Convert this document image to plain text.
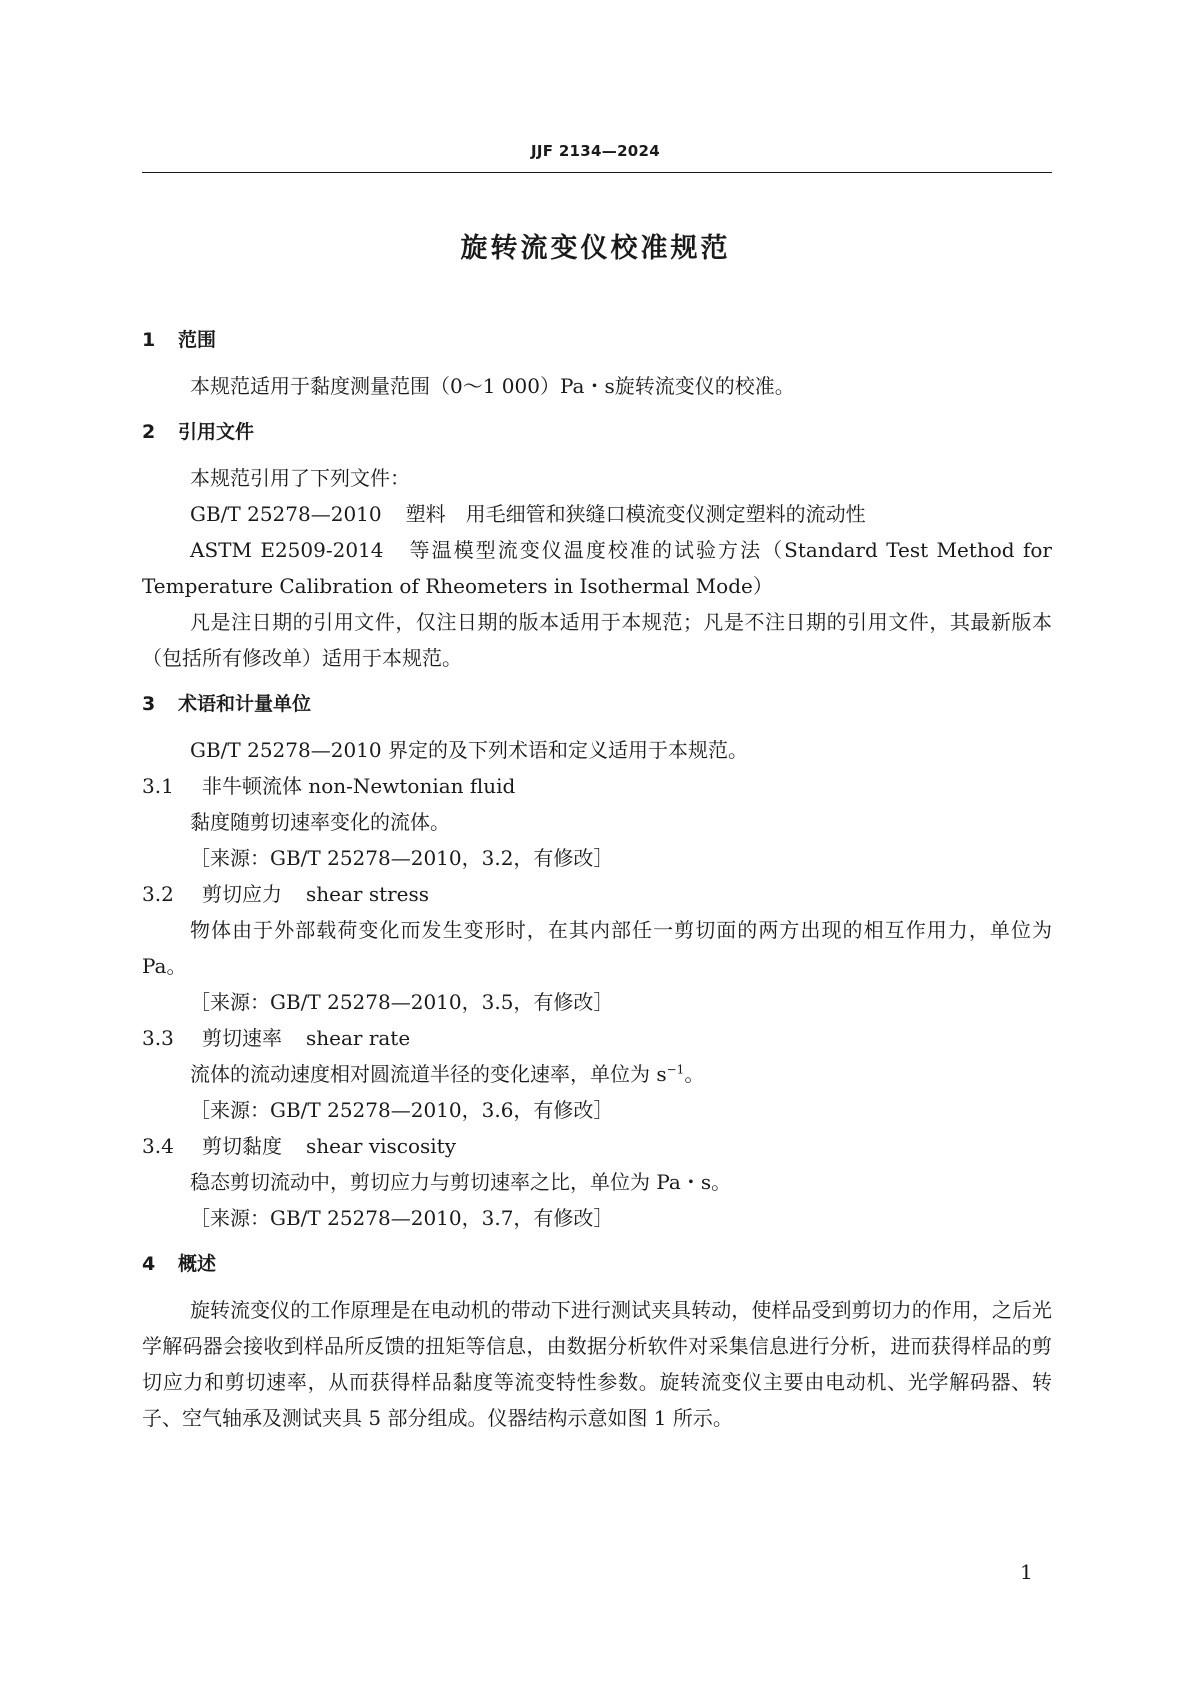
JJF 2134—2024
旋转流变仪校准规范
1 范围

本规范适用于黏度测量范围（0～1 000）Pa・s旋转流变仪的校准。

2 引用文件

本规范引用了下列文件：

GB/T 25278—2010 塑料　用毛细管和狭缝口模流变仪测定塑料的流动性

ASTM E2509-2014 等温模型流变仪温度校准的试验方法（Standard Test Method for Temperature Calibration of Rheometers in Isothermal Mode）

凡是注日期的引用文件，仅注日期的版本适用于本规范；凡是不注日期的引用文件，其最新版本（包括所有修改单）适用于本规范。

3 术语和计量单位

GB/T 25278—2010 界定的及下列术语和定义适用于本规范。

3.1 非牛顿流体 non-Newtonian fluid
黏度随剪切速率变化的流体。
［来源：GB/T 25278—2010，3.2，有修改］
3.2 剪切应力 shear stress

物体由于外部载荷变化而发生变形时，在其内部任一剪切面的两方出现的相互作用力，单位为 Pa。

［来源：GB/T 25278—2010，3.5，有修改］
3.3 剪切速率 shear rate
流体的流动速度相对圆流道半径的变化速率，单位为 $s^{-1}$。
［来源：GB/T 25278—2010，3.6，有修改］
3.4 剪切黏度 shear viscosity
稳态剪切流动中，剪切应力与剪切速率之比，单位为 Pa・s。
［来源：GB/T 25278—2010，3.7，有修改］
4 概述

旋转流变仪的工作原理是在电动机的带动下进行测试夹具转动，使样品受到剪切力的作用，之后光学解码器会接收到样品所反馈的扭矩等信息，由数据分析软件对采集信息进行分析，进而获得样品的剪切应力和剪切速率，从而获得样品黏度等流变特性参数。旋转流变仪主要由电动机、光学解码器、转子、空气轴承及测试夹具 5 部分组成。仪器结构示意如图 1 所示。

1
